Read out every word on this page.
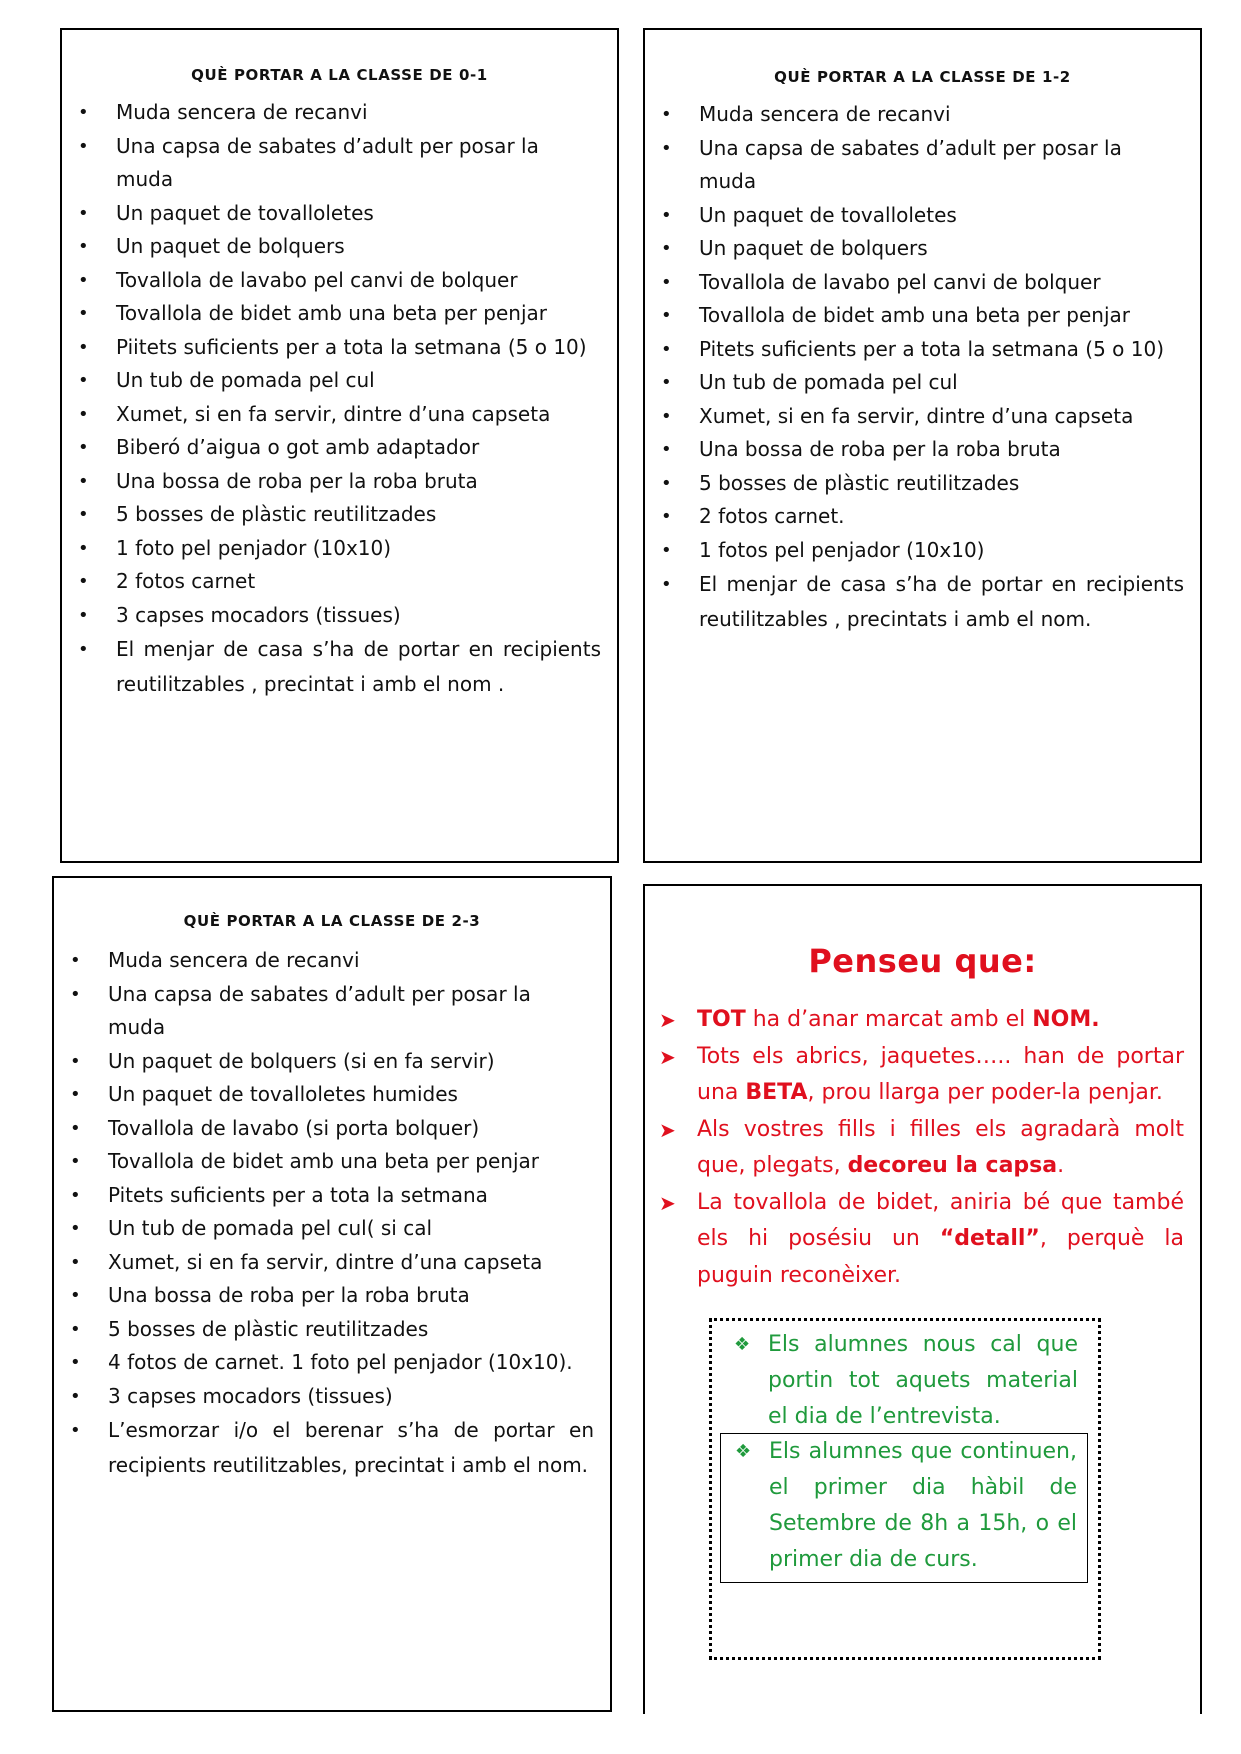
QUÈ PORTAR A LA CLASSE DE 0-1
• Muda sencera de recanvi
• Una capsa de sabates d’adult per posar la muda
• Un paquet de tovalloletes
• Un paquet de bolquers
• Tovallola de lavabo pel canvi de bolquer
• Tovallola de bidet amb una beta per penjar
• Piitets suficients per a tota la setmana (5 o 10)
• Un tub de pomada pel cul
• Xumet, si en fa servir, dintre d’una capseta
• Biberó d’aigua o got amb adaptador
• Una bossa de roba per la roba bruta
• 5 bosses de plàstic reutilitzades
• 1 foto pel penjador (10x10)
• 2 fotos carnet
• 3 capses mocadors (tissues)
• El menjar de casa s’ha de portar en recipients reutilitzables , precintat i amb el nom .
QUÈ PORTAR A LA CLASSE DE 1-2
• Muda sencera de recanvi
• Una capsa de sabates d’adult per posar la muda
• Un paquet de tovalloletes
• Un paquet de bolquers
• Tovallola de lavabo pel canvi de bolquer
• Tovallola de bidet amb una beta per penjar
• Pitets suficients per a tota la setmana (5 o 10)
• Un tub de pomada pel cul
• Xumet, si en fa servir, dintre d’una capseta
• Una bossa de roba per la roba bruta
• 5 bosses de plàstic reutilitzades
• 2 fotos carnet.
• 1 fotos pel penjador (10x10)
• El menjar de casa s’ha de portar en recipients reutilitzables , precintats i amb el nom.
QUÈ PORTAR A LA CLASSE DE 2-3
• Muda sencera de recanvi
• Una capsa de sabates d’adult per posar la muda
• Un paquet de bolquers (si en fa servir)
• Un paquet de tovalloletes humides
• Tovallola de lavabo (si porta bolquer)
• Tovallola de bidet amb una beta per penjar
• Pitets suficients per a tota la setmana
• Un tub de pomada pel cul( si cal
• Xumet, si en fa servir, dintre d’una capseta
• Una bossa de roba per la roba bruta
• 5 bosses de plàstic reutilitzades
• 4 fotos de carnet. 1 foto pel penjador (10x10).
• 3 capses mocadors (tissues)
• L’esmorzar i/o el berenar s’ha de portar en recipients reutilitzables, precintat i amb el nom.
Penseu que:
➤ TOT ha d’anar marcat amb el NOM.
➤ Tots els abrics, jaquetes….. han de portar una BETA, prou llarga per poder-la penjar.
➤ Als vostres fills i filles els agradarà molt que, plegats, decoreu la capsa.
➤ La tovallola de bidet, aniria bé que també els hi posésiu un “detall”, perquè la puguin reconèixer.
❖ Els alumnes nous cal que portin tot aquets material el dia de l’entrevista.
❖ Els alumnes que continuen, el primer dia hàbil de Setembre de 8h a 15h, o el primer dia de curs.
